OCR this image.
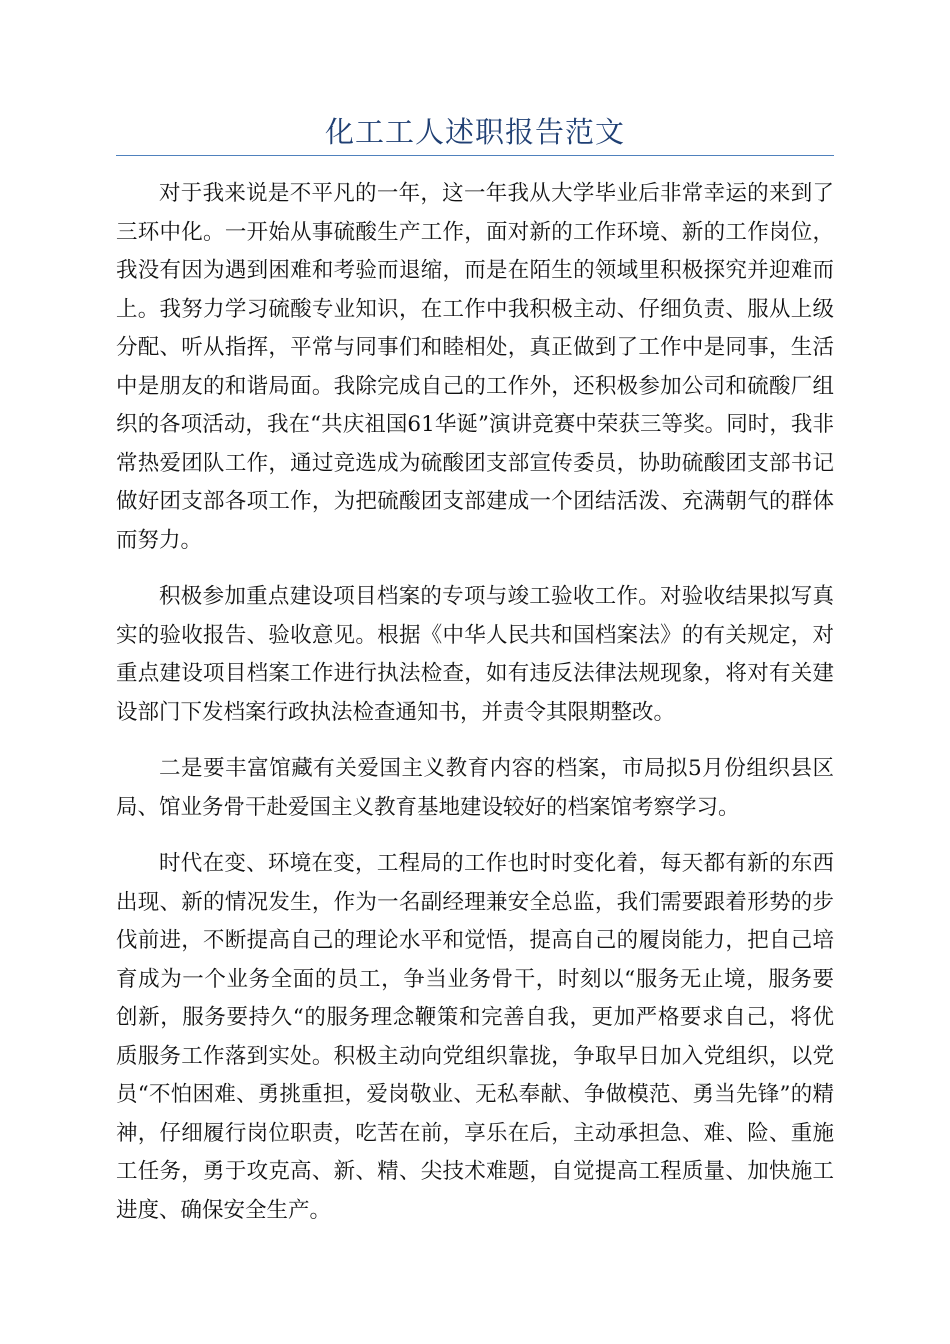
化工工人述职报告范文

对于我来说是不平凡的一年，这一年我从大学毕业后非常幸运的来到了三环中化。一开始从事硫酸生产工作，面对新的工作环境、新的工作岗位，我没有因为遇到困难和考验而退缩，而是在陌生的领域里积极探究并迎难而上。我努力学习硫酸专业知识，在工作中我积极主动、仔细负责、服从上级分配、听从指挥，平常与同事们和睦相处，真正做到了工作中是同事，生活中是朋友的和谐局面。我除完成自己的工作外，还积极参加公司和硫酸厂组织的各项活动，我在“共庆祖国61华诞”演讲竞赛中荣获三等奖。同时，我非常热爱团队工作，通过竞选成为硫酸团支部宣传委员，协助硫酸团支部书记做好团支部各项工作，为把硫酸团支部建成一个团结活泼、充满朝气的群体而努力。

积极参加重点建设项目档案的专项与竣工验收工作。对验收结果拟写真实的验收报告、验收意见。根据《中华人民共和国档案法》的有关规定，对重点建设项目档案工作进行执法检查，如有违反法律法规现象，将对有关建设部门下发档案行政执法检查通知书，并责令其限期整改。

二是要丰富馆藏有关爱国主义教育内容的档案，市局拟5月份组织县区局、馆业务骨干赴爱国主义教育基地建设较好的档案馆考察学习。

时代在变、环境在变，工程局的工作也时时变化着，每天都有新的东西出现、新的情况发生，作为一名副经理兼安全总监，我们需要跟着形势的步伐前进，不断提高自己的理论水平和觉悟，提高自己的履岗能力，把自己培育成为一个业务全面的员工，争当业务骨干，时刻以“服务无止境，服务要创新，服务要持久“的服务理念鞭策和完善自我，更加严格要求自己，将优质服务工作落到实处。积极主动向党组织靠拢，争取早日加入党组织，以党员“不怕困难、勇挑重担，爱岗敬业、无私奉献、争做模范、勇当先锋”的精神，仔细履行岗位职责，吃苦在前，享乐在后，主动承担急、难、险、重施工任务，勇于攻克高、新、精、尖技术难题，自觉提高工程质量、加快施工进度、确保安全生产。
